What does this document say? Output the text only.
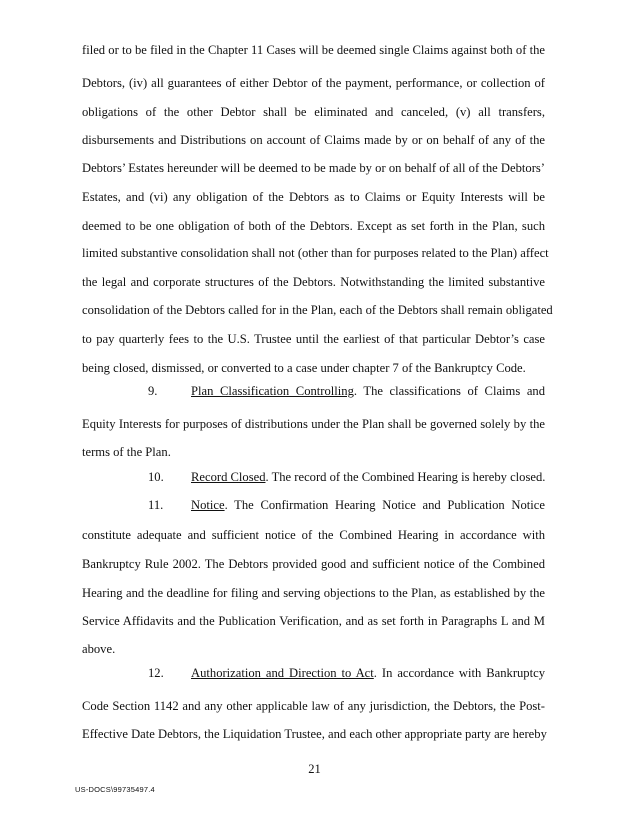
filed or to be filed in the Chapter 11 Cases will be deemed single Claims against both of the
Debtors, (iv) all guarantees of either Debtor of the payment, performance, or collection of
obligations of the other Debtor shall be eliminated and canceled, (v) all transfers,
disbursements and Distributions on account of Claims made by or on behalf of any of the
Debtors’ Estates hereunder will be deemed to be made by or on behalf of all of the Debtors’
Estates, and (vi) any obligation of the Debtors as to Claims or Equity Interests will be
deemed to be one obligation of both of the Debtors. Except as set forth in the Plan, such
limited substantive consolidation shall not (other than for purposes related to the Plan) affect
the legal and corporate structures of the Debtors. Notwithstanding the limited substantive
consolidation of the Debtors called for in the Plan, each of the Debtors shall remain obligated
to pay quarterly fees to the U.S. Trustee until the earliest of that particular Debtor’s case
being closed, dismissed, or converted to a case under chapter 7 of the Bankruptcy Code.
9.	Plan Classification Controlling. The classifications of Claims and
Equity Interests for purposes of distributions under the Plan shall be governed solely by the
terms of the Plan.
10. Record Closed. The record of the Combined Hearing is hereby closed.
11. Notice. The Confirmation Hearing Notice and Publication Notice
constitute adequate and sufficient notice of the Combined Hearing in accordance with
Bankruptcy Rule 2002. The Debtors provided good and sufficient notice of the Combined
Hearing and the deadline for filing and serving objections to the Plan, as established by the
Service Affidavits and the Publication Verification, and as set forth in Paragraphs L and M
above.
12. Authorization and Direction to Act. In accordance with Bankruptcy
Code Section 1142 and any other applicable law of any jurisdiction, the Debtors, the Post-
Effective Date Debtors, the Liquidation Trustee, and each other appropriate party are hereby
21
US-DOCS\99735497.4
